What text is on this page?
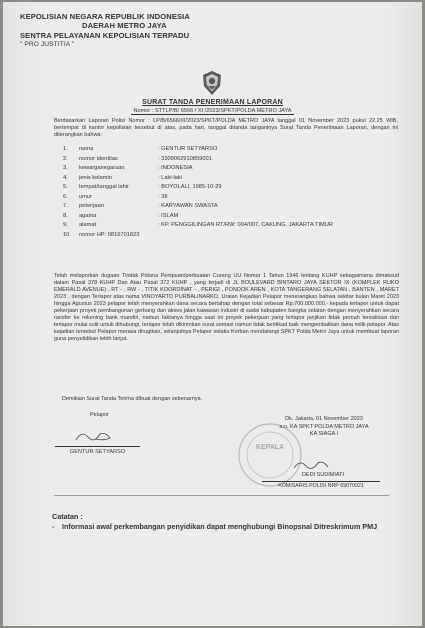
KEPOLISIAN NEGARA REPUBLIK INDONESIA
DAERAH METRO JAYA
SENTRA PELAYANAN KEPOLISIAN TERPADU
" PRO JUSTITIA "
SURAT TANDA PENERIMAAN LAPORAN
Nomor : STTLP/B/ 6566 / XI /2023/SPKT/POLDA METRO JAYA
Berdasarkan Laporan Polisi Nomor : LP/B/6566/XI/2023/SPKT/POLDA METRO JAYA tanggal 01 November 2023 pukul 22.25 WIB, bertempat di kantor kepolisian tersebut di atas, pada hari, tanggal ditanda tanganinya Surat Tanda Penerimaan Laporan, dengan ini diterangkan bahwa:
1.	nama	: GENTUR SETYARSO
2.	nomor identitas	: 3309062910859001
3.	kewarganegaraan	: INDONESIA
4.	jenis kelamin	: Laki-laki
5.	tempat/tanggal lahir	: BOYOLALI, 1985-10-29
6.	umur	: 38
7.	pekerjaan	: KARYAWAN SWASTA
8.	agama	: ISLAM
9.	alamat	: KP. PENGGILINGAN RT/RW: 004/007, CAKUNG, JAKARTA TIMUR
10.	nomor HP: 0816701823
Telah melaporkan dugaan Tindak Pidana Penipuan/perbuatan Curang UU Nomor 1 Tahun 1946 tentang KUHP sebagaimana dimaksud dalam Pasal 378 KUHP Dan Atau Pasal 372 KUHP , yang terjadi di JL BOULEVARD BINTARO JAYA SEKTOR IX (KOMPLEK RUKO EMERALD AVENUE) , RT - , RW - , TITIK KOORDINAT - , PERIGI , PONDOK AREN , KOTA TANGERANG SELATAN , BANTEN , MARET 2023 , dengan Terlapor atas nama VINOYARTO PURBALINARKO. Uraian Kejadian Pelapor menerangkan bahwa sekitar bulan Maret 2023 hingga Agustus 2023 pelapor telah menyerahkan dana secara bertahap dengan total sebesar Rp.700.000.000,- kepada terlapor untuk dapat pekerjaan proyek pembangunan gerbang dan akses jalan kawasan industri di sadai kabupaten bangka selatan dengan menyerahkan secara ransfer ke rekening bank mandiri, namun faktanya hingga saat ini proyek pekerjaan yang terlapor janjikan tidak pernah terealisasi dan terlapor mulai sulit untuk dihubungi, terlapor telah dikirimkan surat somasi namun tidak beritikad baik mengembalikan dana milik pelapor. Atas kejadian tersebut Pelapor merasa dirugikan, selanjutnya Pelapor selaku Korban mendatangi SPKT Polda Metro Jaya untuk membuat laporan guna penyelidikan lebih lanjut.
Demikian Surat Tanda Terima dibuat dengan sebenarnya.
Pelapor
GENTUR SETYARSO
KEPALA
Dk. Jakarta, 01 November 2023
a.n. KA SPKT POLDA METRO JAYA
KA SIAGA I
DEDI SUDIMIATI
KOMISARIS POLISI NRP 69070021
Catatan :
- Informasi awal perkembangan penyidikan dapat menghubungi Binopsnal Ditreskrimum PMJ
